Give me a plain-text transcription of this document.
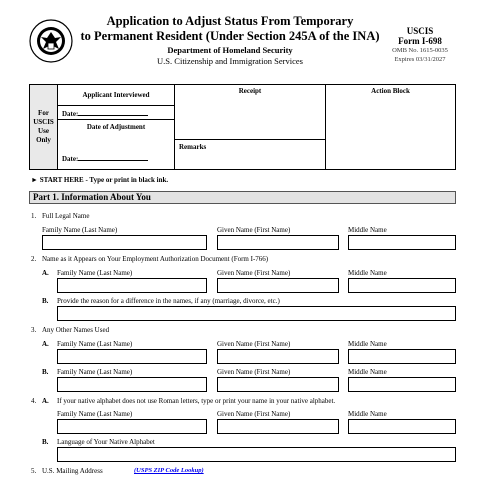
Application to Adjust Status From Temporary
to Permanent Resident (Under Section 245A of the INA)
Department of Homeland Security
U.S. Citizenship and Immigration Services
USCIS
Form I-698
OMB No. 1615-0035
Expires 03/31/2027
For
USCIS
Use
Only
Applicant Interviewed
Date:
Date of Adjustment
Date:
Receipt
Remarks
Action Block
► START HERE - Type or print in black ink.
Part 1. Information About You
1. Full Legal Name
Family Name (Last Name)	Given Name (First Name)	Middle Name
2. Name as it Appears on Your Employment Authorization Document (Form I-766)
A. Family Name (Last Name)	Given Name (First Name)	Middle Name
B. Provide the reason for a difference in the names, if any (marriage, divorce, etc.)
3. Any Other Names Used
A. Family Name (Last Name)	Given Name (First Name)	Middle Name
B. Family Name (Last Name)	Given Name (First Name)	Middle Name
4. A. If your native alphabet does not use Roman letters, type or print your name in your native alphabet.
Family Name (Last Name)	Given Name (First Name)	Middle Name
B. Language of Your Native Alphabet
5. U.S. Mailing Address	(USPS ZIP Code Lookup)
